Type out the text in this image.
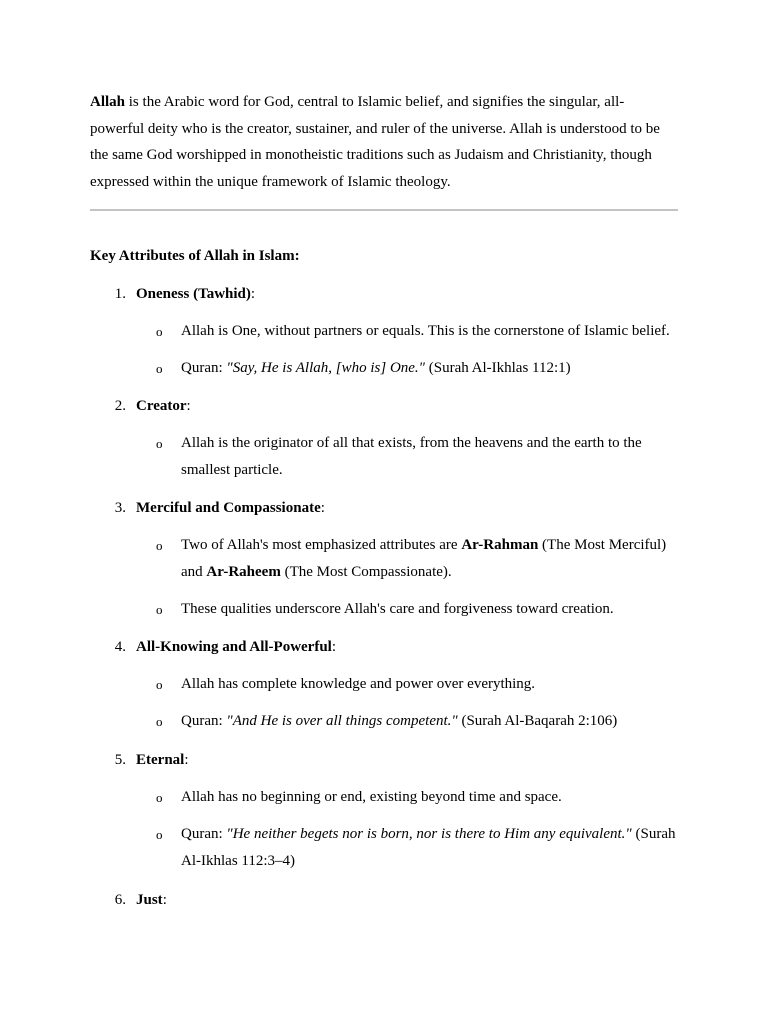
Allah is the Arabic word for God, central to Islamic belief, and signifies the singular, all-powerful deity who is the creator, sustainer, and ruler of the universe. Allah is understood to be the same God worshipped in monotheistic traditions such as Judaism and Christianity, though expressed within the unique framework of Islamic theology.

Key Attributes of Allah in Islam:

1. Oneness (Tawhid):
o Allah is One, without partners or equals. This is the cornerstone of Islamic belief.

o Quran: "Say, He is Allah, [who is] One." (Surah Al-Ikhlas 112:1)

2. Creator:
o Allah is the originator of all that exists, from the heavens and the earth to the smallest particle.

3. Merciful and Compassionate:
o Two of Allah's most emphasized attributes are Ar-Rahman (The Most Merciful) and Ar-Raheem (The Most Compassionate).

o These qualities underscore Allah's care and forgiveness toward creation.

4. All-Knowing and All-Powerful:
o Allah has complete knowledge and power over everything.

o Quran: "And He is over all things competent." (Surah Al-Baqarah 2:106)

5. Eternal:
o Allah has no beginning or end, existing beyond time and space.

o Quran: "He neither begets nor is born, nor is there to Him any equivalent." (Surah Al-Ikhlas 112:3–4)

6. Just:
